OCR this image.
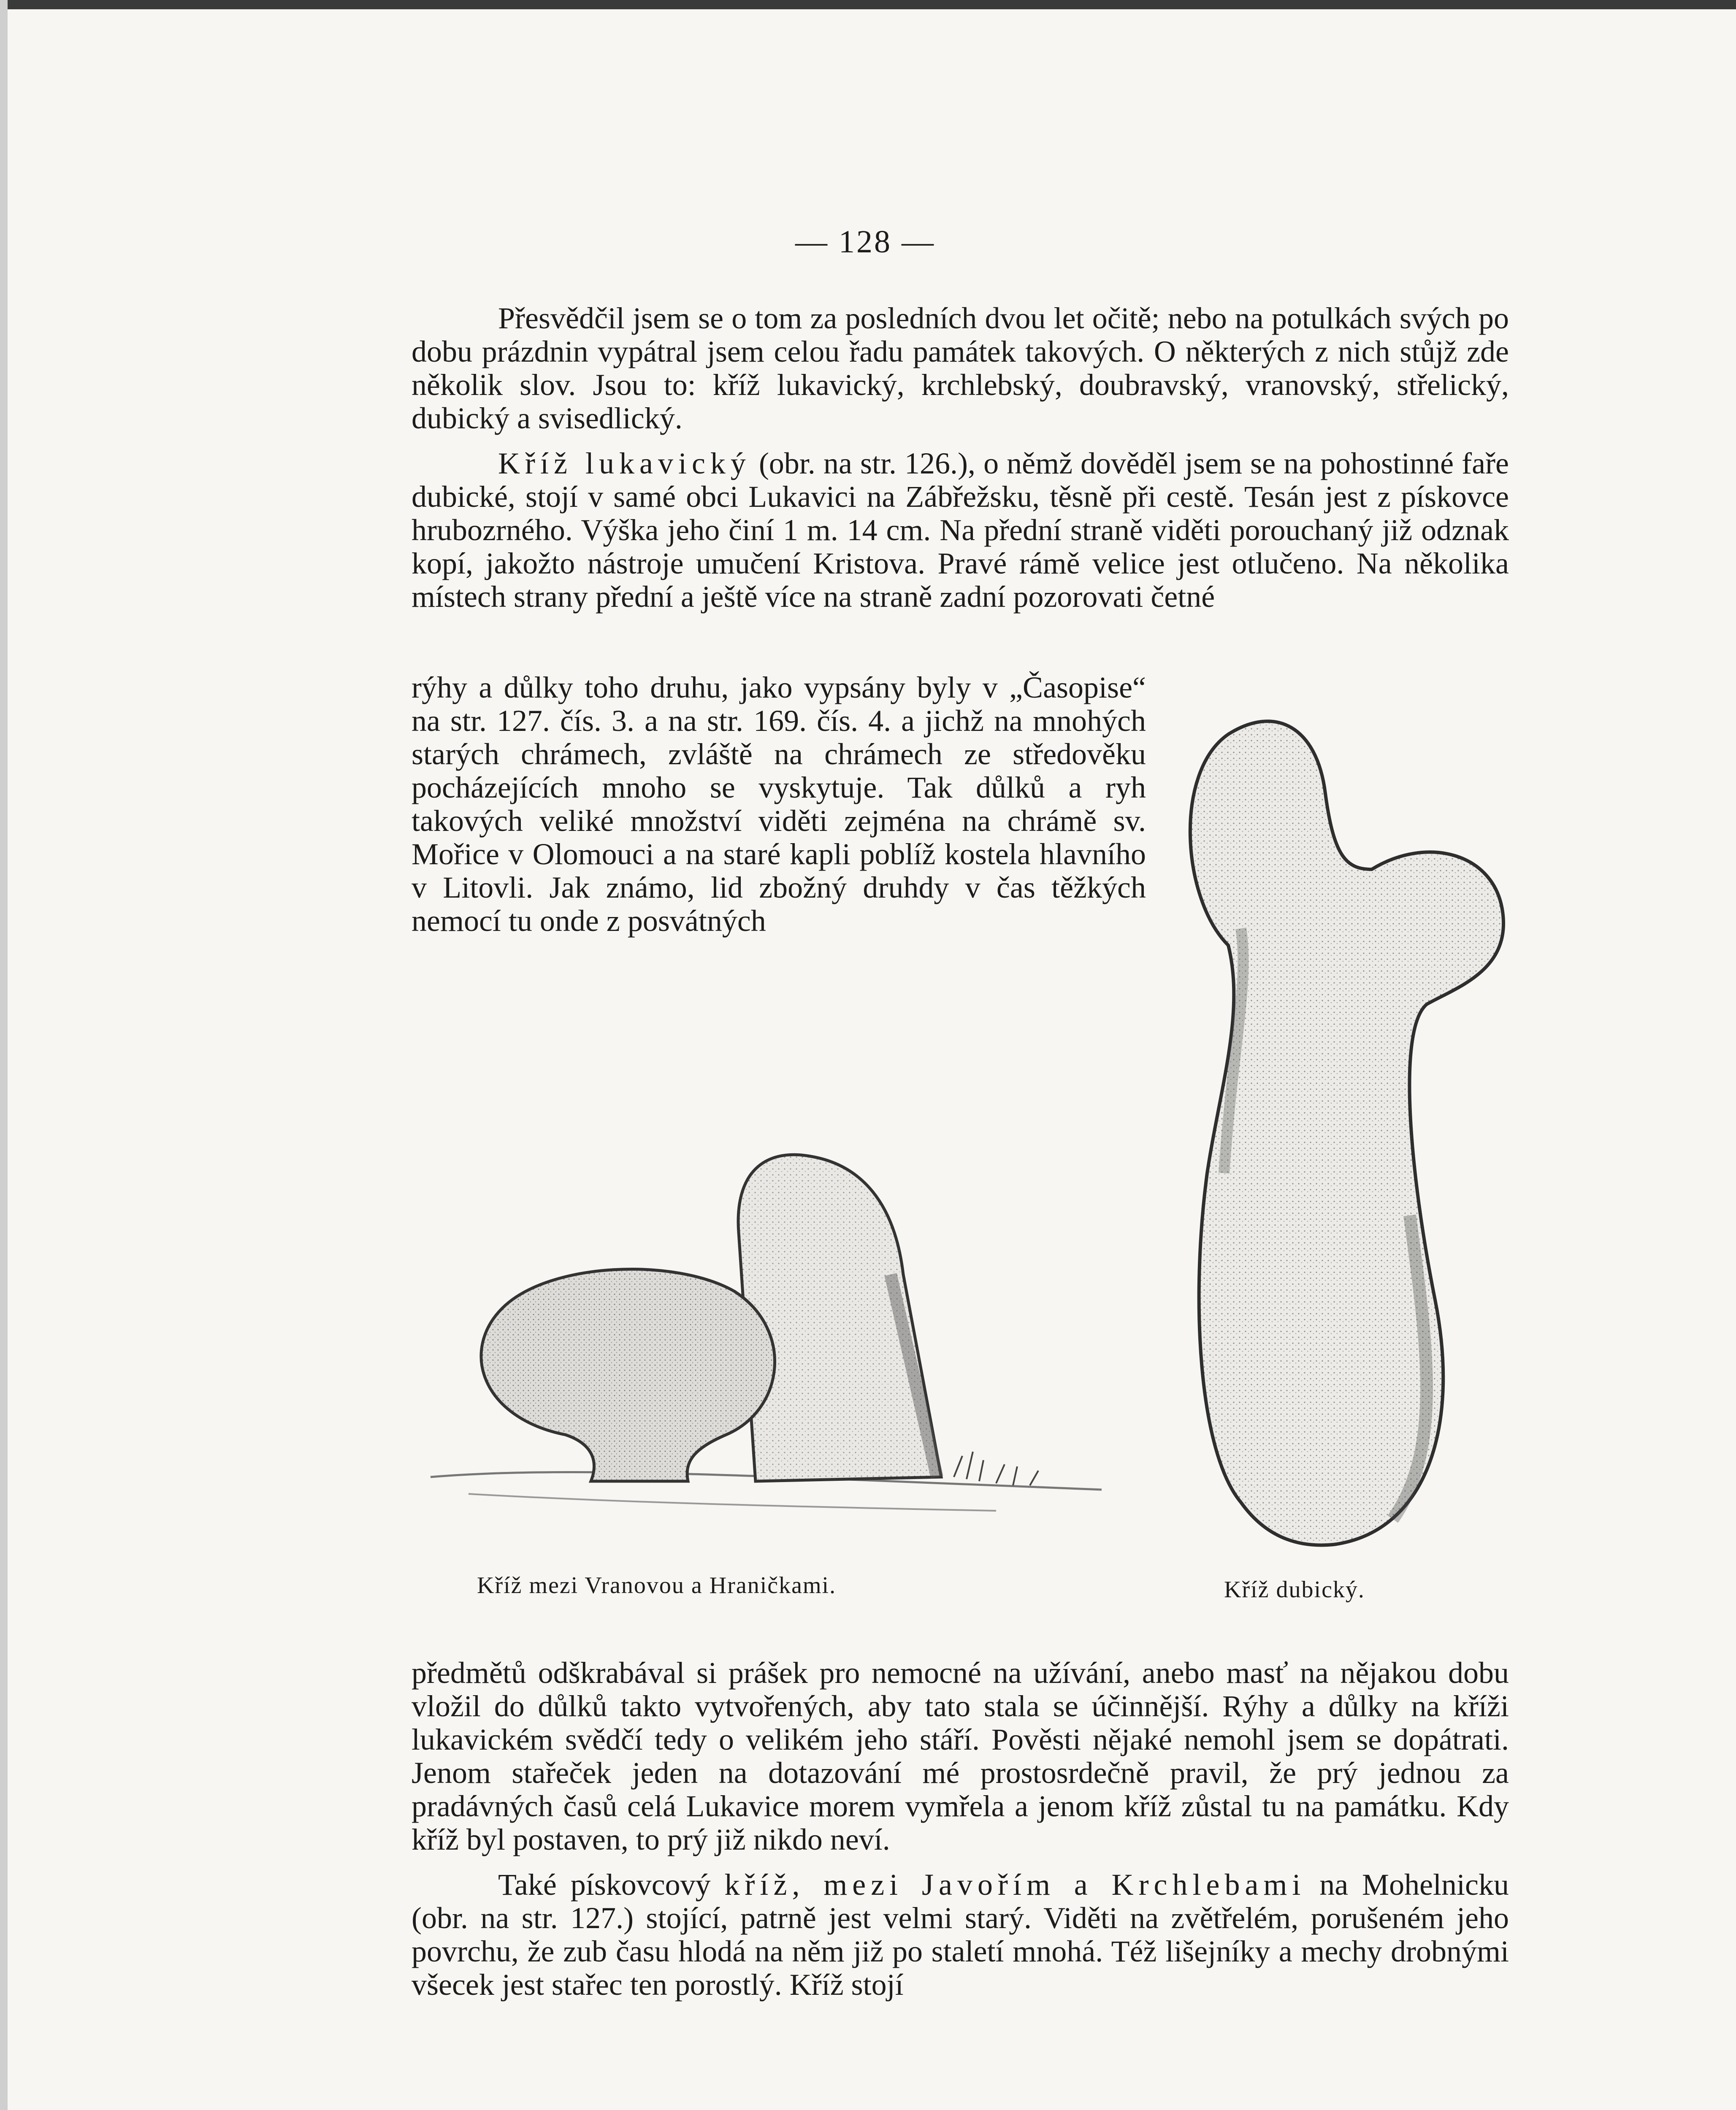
— 128 —

Přesvědčil jsem se o tom za posledních dvou let očitě; nebo na potulkách svých po dobu prázdnin vypátral jsem celou řadu památek takových. O některých z nich stůjž zde několik slov. Jsou to: kříž lukavický, krchlebský, doubravský, vranovský, střelický, dubický a svisedlický.

Kříž lukavický (obr. na str. 126.), o němž dověděl jsem se na pohostinné faře dubické, stojí v samé obci Lukavici na Zábřežsku, těsně při cestě. Tesán jest z pískovce hrubozrného. Výška jeho činí 1 m. 14 cm. Na přední straně viděti porouchaný již odznak kopí, jakožto nástroje umučení Kristova. Pravé rámě velice jest otlučeno. Na několika místech strany přední a ještě více na straně zadní pozorovati četné

rýhy a důlky toho druhu, jako vypsány byly v „Časopise“ na str. 127. čís. 3. a na str. 169. čís. 4. a jichž na mnohých starých chrámech, zvláště na chrámech ze středověku pocházejících mnoho se vyskytuje. Tak důlků a ryh takových veliké množství viděti zejména na chrámě sv. Mořice v Olomouci a na staré kapli poblíž kostela hlavního v Litovli. Jak známo, lid zbožný druhdy v čas těžkých nemocí tu onde z posvátných

Kříž mezi Vranovou a Hraničkami.	Kříž dubický.

předmětů odškrabával si prášek pro nemocné na užívání, anebo masť na nějakou dobu vložil do důlků takto vytvořených, aby tato stala se účinnější. Rýhy a důlky na kříži lukavickém svědčí tedy o velikém jeho stáří. Pověsti nějaké nemohl jsem se dopátrati. Jenom stařeček jeden na dotazování mé prostosrdečně pravil, že prý jednou za pradávných časů celá Lukavice morem vymřela a jenom kříž zůstal tu na památku. Kdy kříž byl postaven, to prý již nikdo neví.

Také pískovcový kříž, mezi Javořím a Krchlebami na Mohelnicku (obr. na str. 127.) stojící, patrně jest velmi starý. Viděti na zvětřelém, porušeném jeho povrchu, že zub času hlodá na něm již po staletí mnohá. Též lišejníky a mechy drobnými všecek jest stařec ten porostlý. Kříž stojí
